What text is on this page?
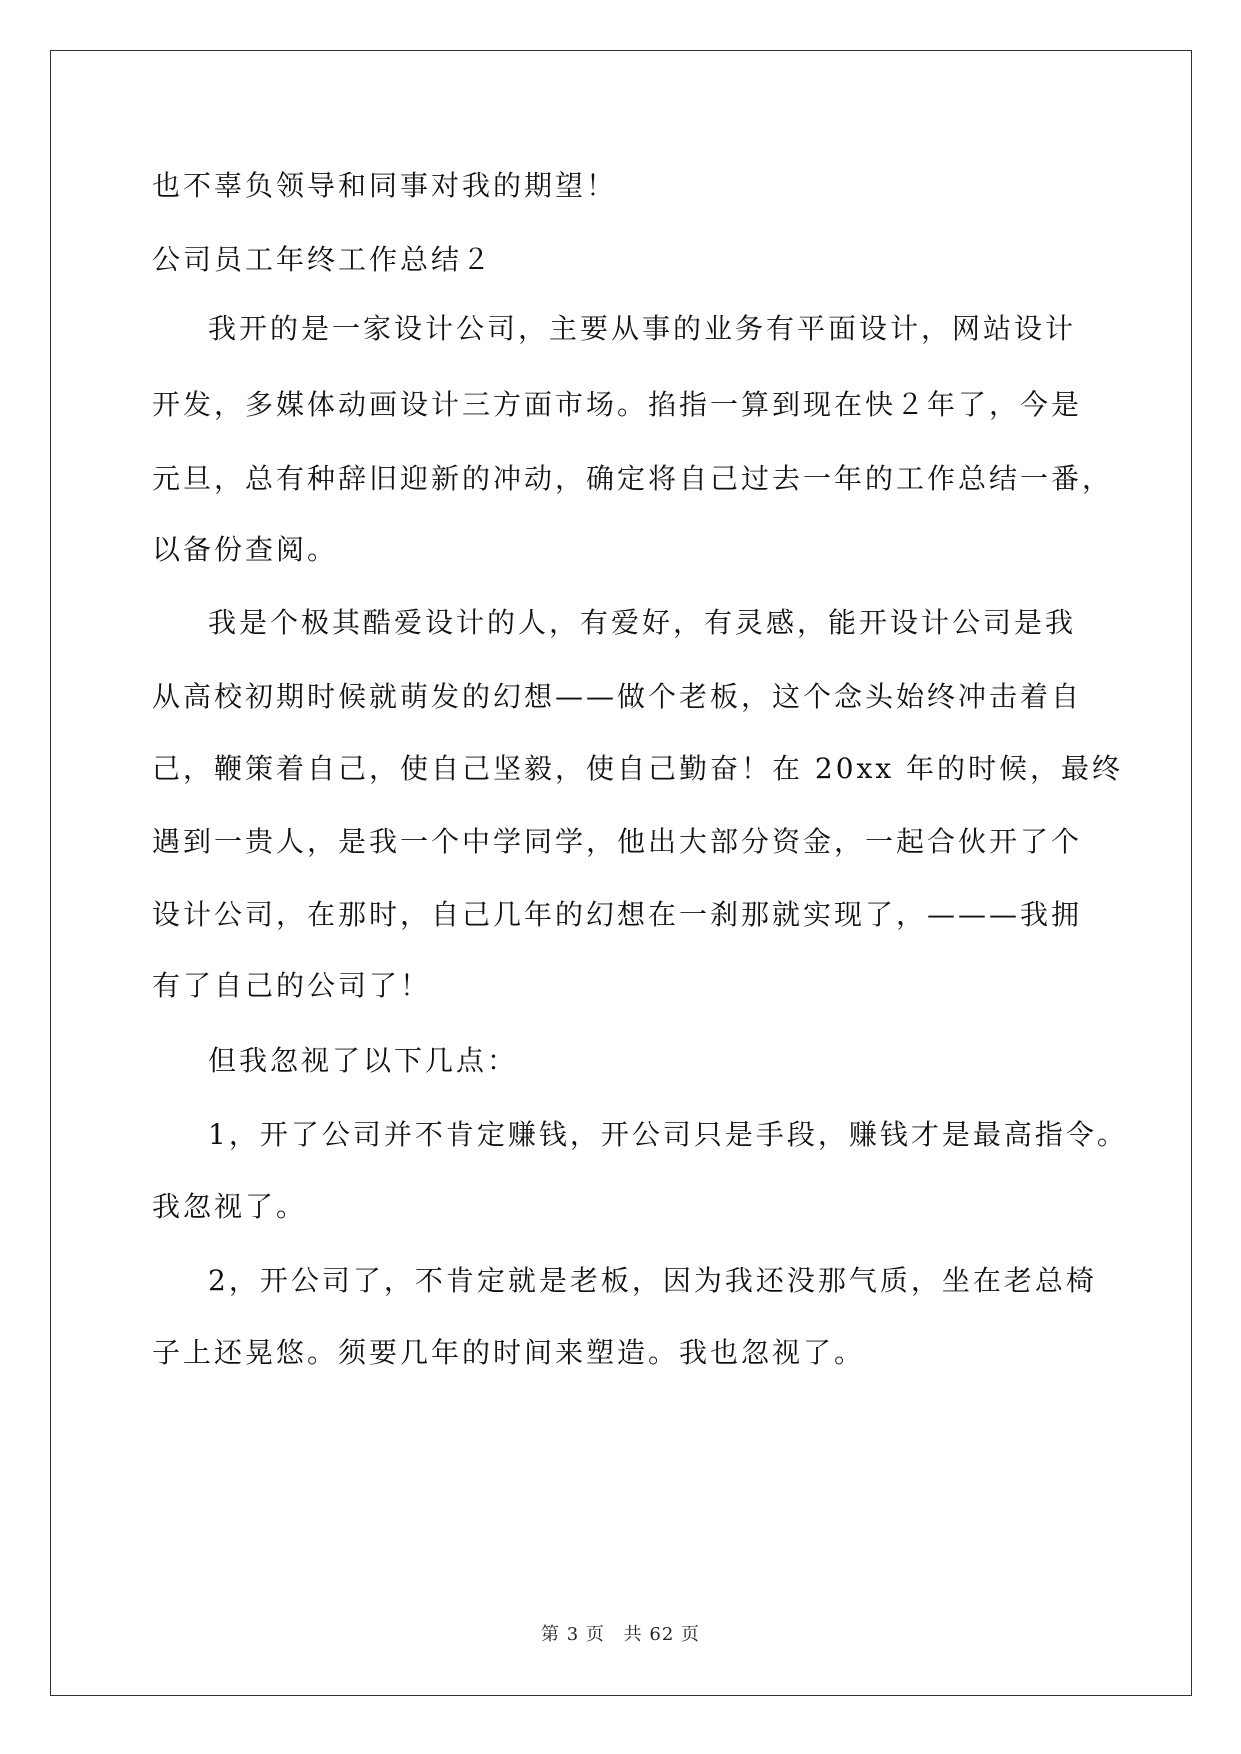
也不辜负领导和同事对我的期望！
公司员工年终工作总结２
我开的是一家设计公司，主要从事的业务有平面设计，网站设计
开发，多媒体动画设计三方面市场。掐指一算到现在快２年了，今是
元旦，总有种辞旧迎新的冲动，确定将自己过去一年的工作总结一番，
以备份查阅。
我是个极其酷爱设计的人，有爱好，有灵感，能开设计公司是我
从高校初期时候就萌发的幻想——做个老板，这个念头始终冲击着自
己，鞭策着自己，使自己坚毅，使自己勤奋！在 20xx 年的时候，最终
遇到一贵人，是我一个中学同学，他出大部分资金，一起合伙开了个
设计公司，在那时，自己几年的幻想在一刹那就实现了，———我拥
有了自己的公司了！
但我忽视了以下几点：
1，开了公司并不肯定赚钱，开公司只是手段，赚钱才是最高指令。
我忽视了。
2，开公司了，不肯定就是老板，因为我还没那气质，坐在老总椅
子上还晃悠。须要几年的时间来塑造。我也忽视了。
第 3 页 共 62 页
